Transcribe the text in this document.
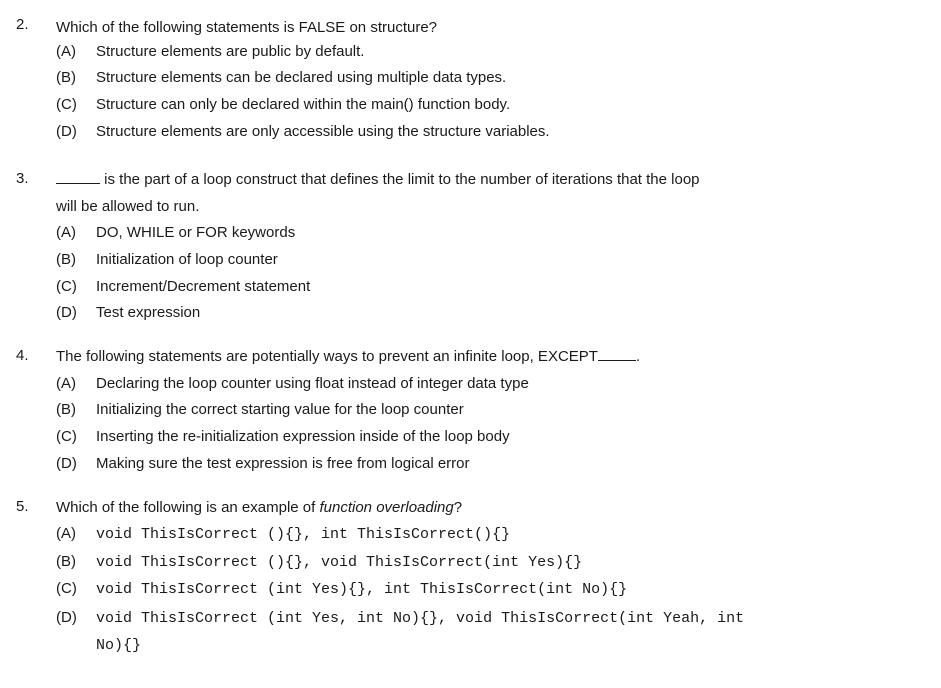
2. Which of the following statements is FALSE on structure?
(A) Structure elements are public by default.
(B) Structure elements can be declared using multiple data types.
(C) Structure can only be declared within the main() function body.
(D) Structure elements are only accessible using the structure variables.
3.	is the part of a loop construct that defines the limit to the number of iterations that the loop
will be allowed to run.
(A) DO, WHILE or FOR keywords
(B) Initialization of loop counter
(C) Increment/Decrement statement
(D) Test expression
4. The following statements are potentially ways to prevent an infinite loop, EXCEPT	.
(A) Declaring the loop counter using float instead of integer data type
(B) Initializing the correct starting value for the loop counter
(C) Inserting the re-initialization expression inside of the loop body
(D) Making sure the test expression is free from logical error
5. Which of the following is an example of function overloading?
(A) void ThisIsCorrect (){}, int ThisIsCorrect(){}
(B) void ThisIsCorrect (){}, void ThisIsCorrect(int Yes){}
(C) void ThisIsCorrect (int Yes){}, int ThisIsCorrect(int No){}
(D) void ThisIsCorrect (int Yes, int No){}, void ThisIsCorrect(int Yeah, int
No){}
